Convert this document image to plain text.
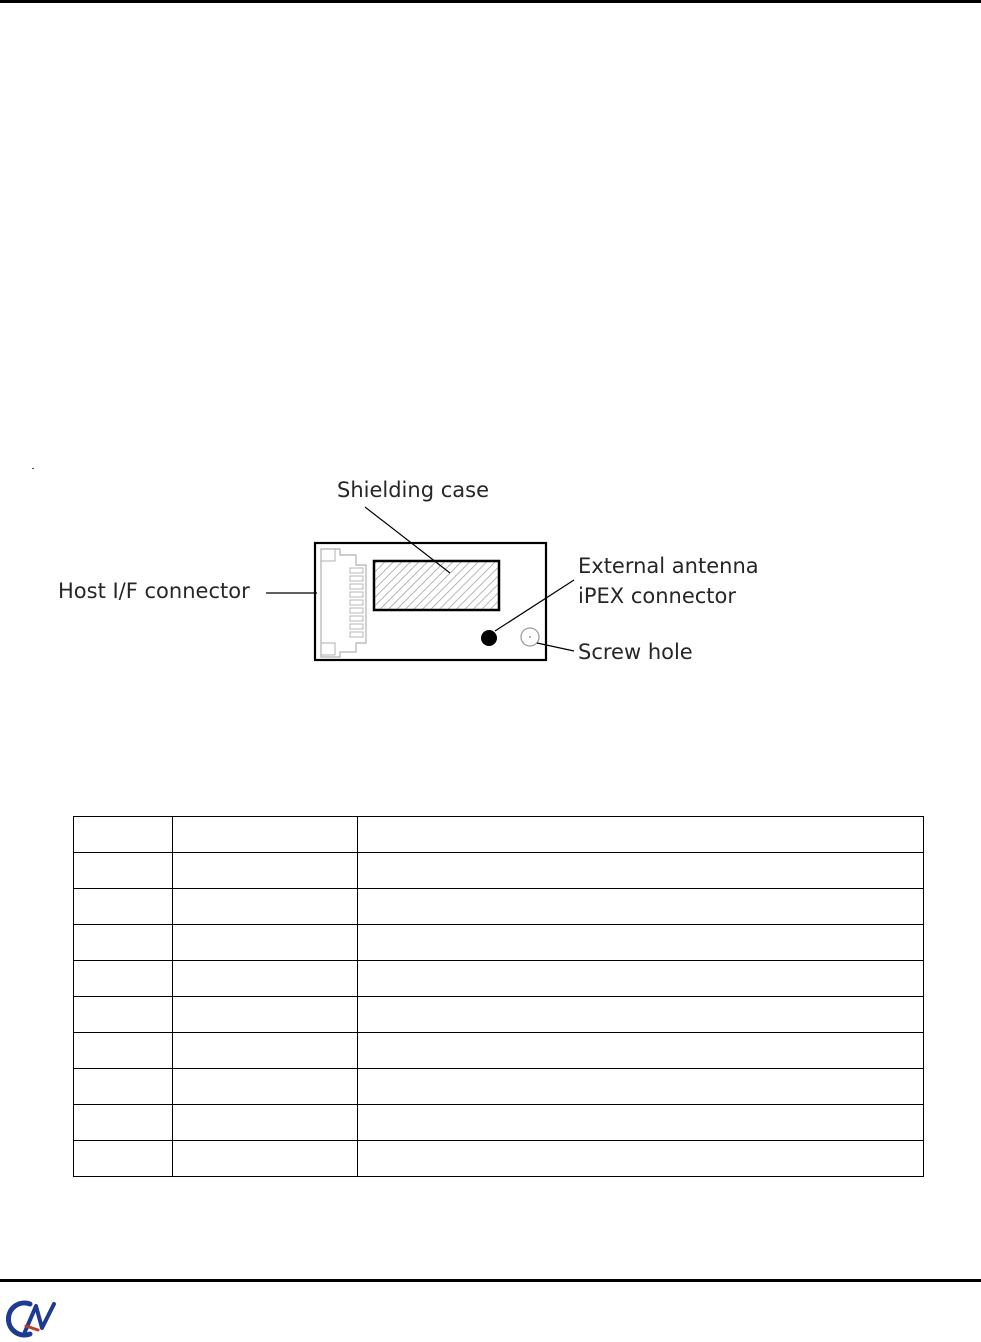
Shielding case
Host I/F connector
External antenna
iPEX connector
Screw hole
